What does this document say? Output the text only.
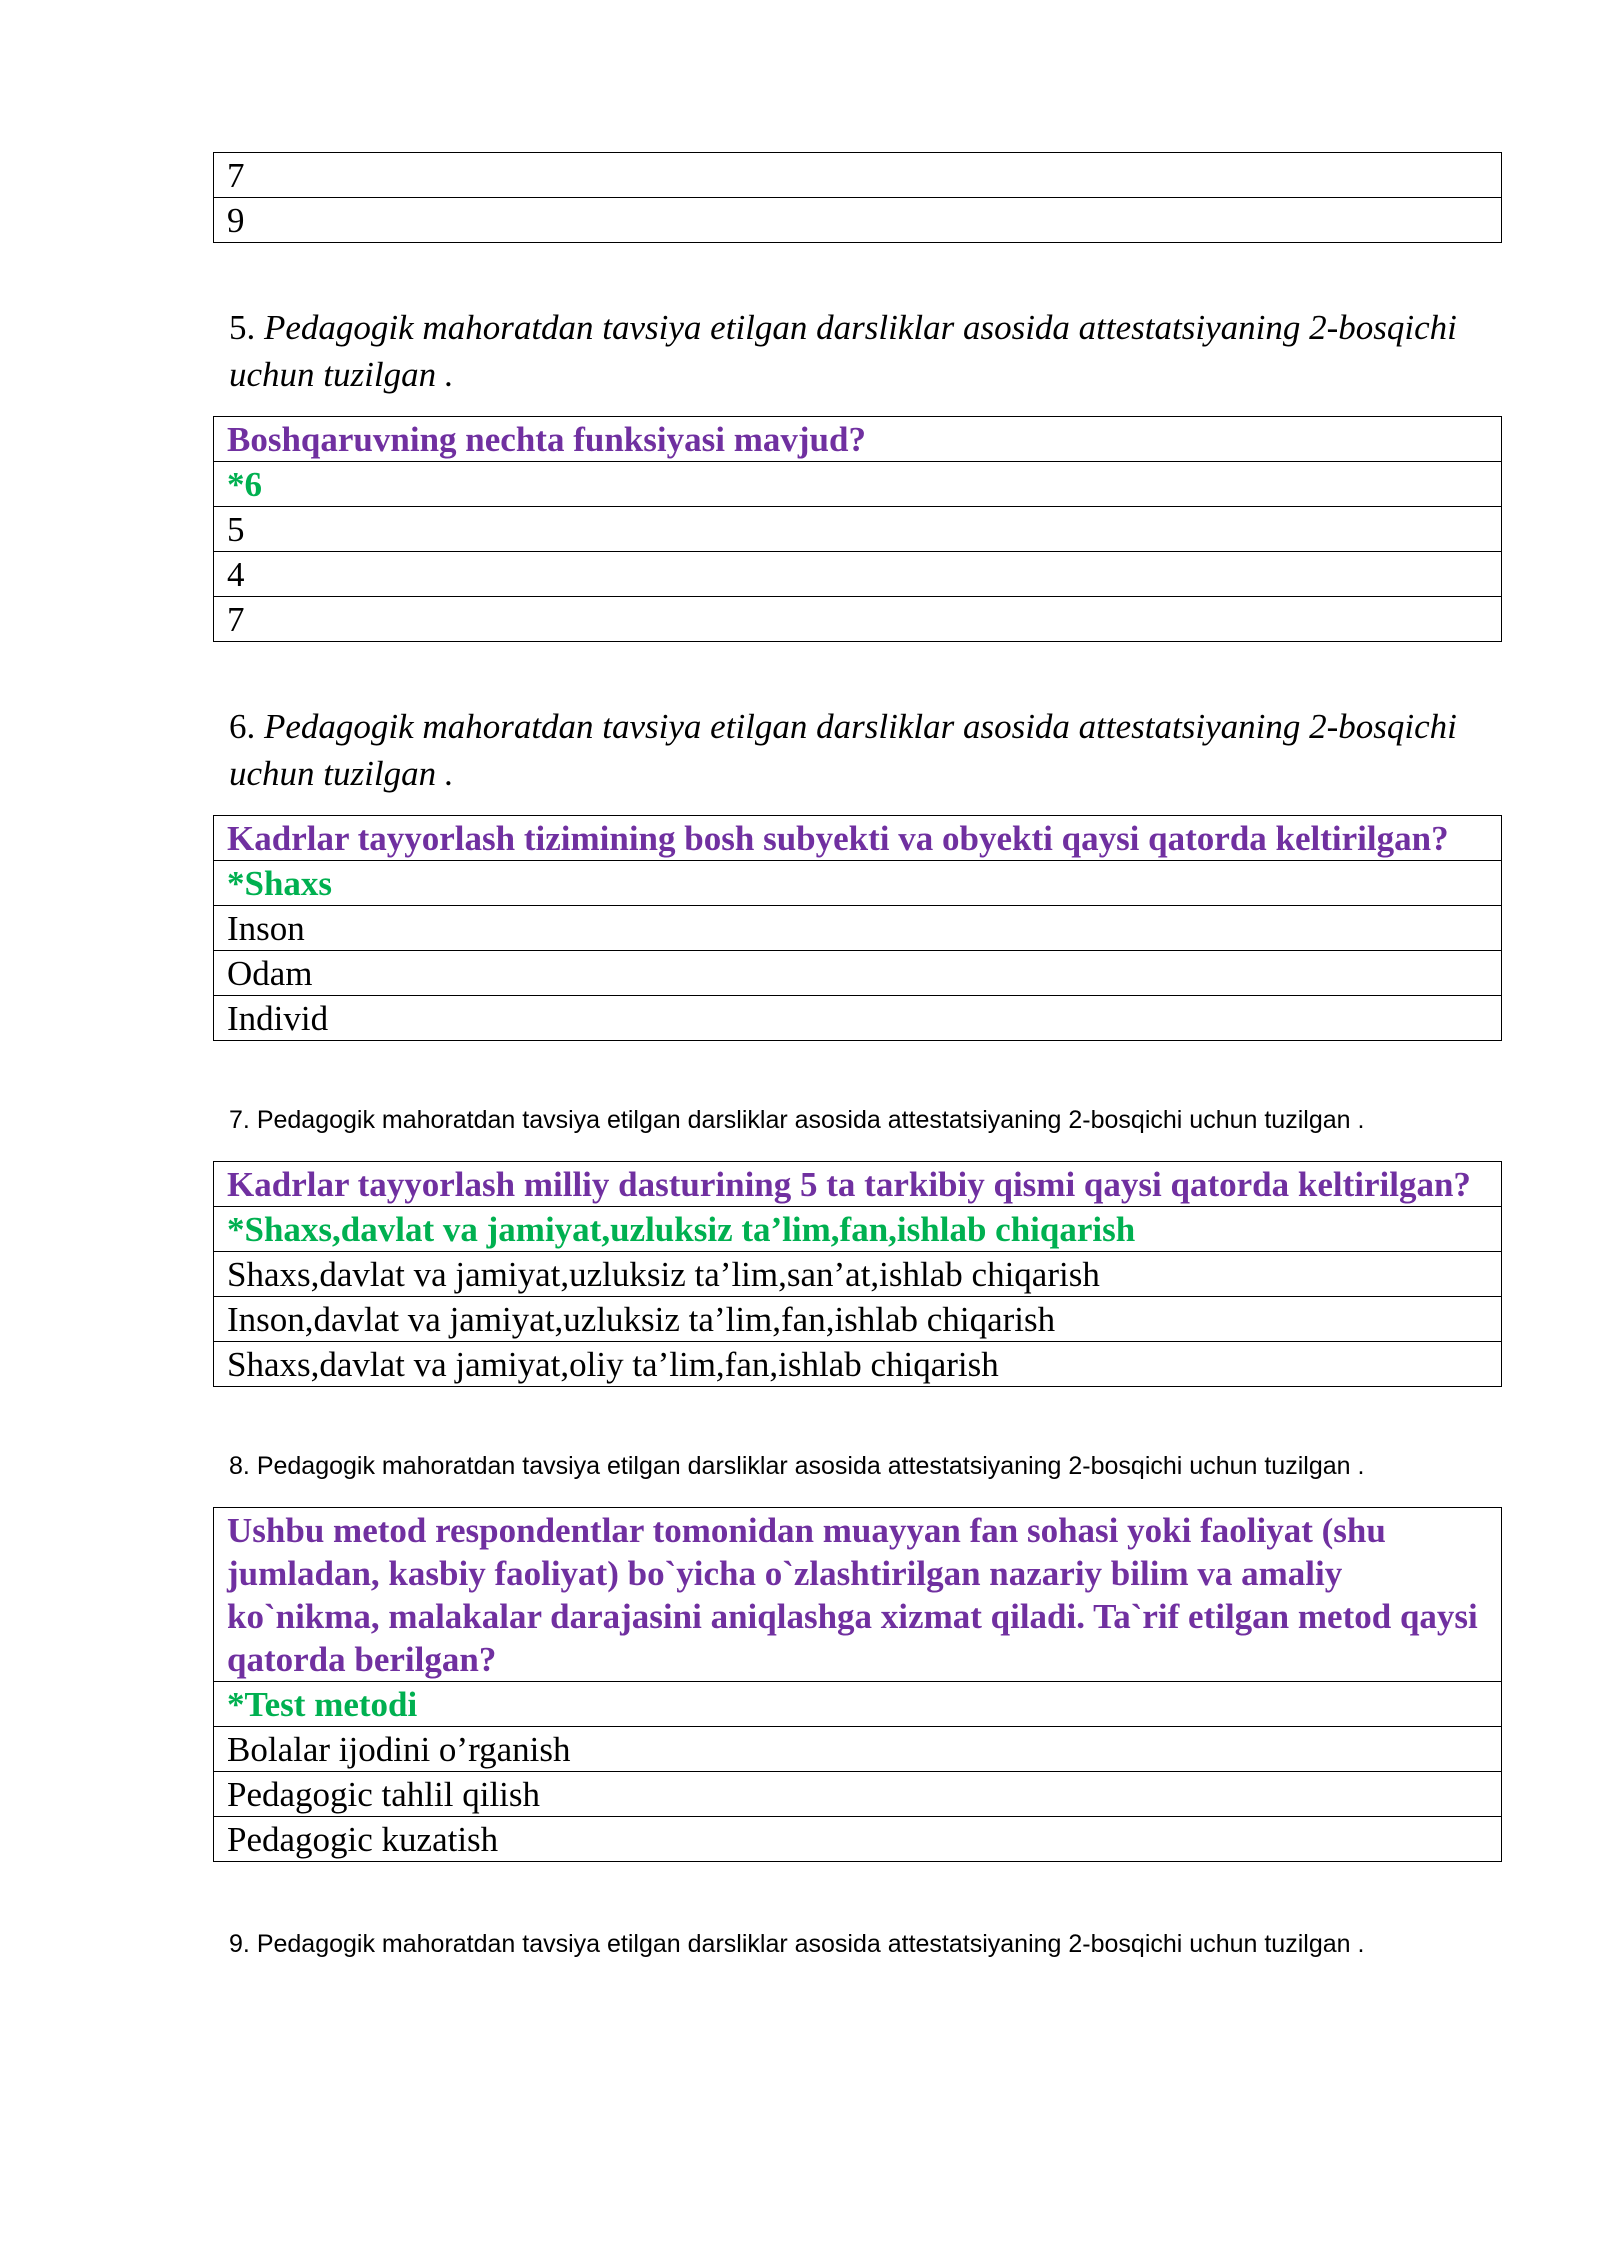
7
9

5. Pedagogik mahoratdan tavsiya etilgan darsliklar asosida attestatsiyaning 2-bosqichi uchun tuzilgan .

Boshqaruvning nechta funksiyasi mavjud?
*6
5
4
7

6. Pedagogik mahoratdan tavsiya etilgan darsliklar asosida attestatsiyaning 2-bosqichi uchun tuzilgan .

Kadrlar tayyorlash tizimining bosh subyekti va obyekti qaysi qatorda keltirilgan?
*Shaxs
Inson
Odam
Individ

7. Pedagogik mahoratdan tavsiya etilgan darsliklar asosida attestatsiyaning 2-bosqichi uchun tuzilgan .

Kadrlar tayyorlash milliy dasturining 5 ta tarkibiy qismi qaysi qatorda keltirilgan?
*Shaxs,davlat va jamiyat,uzluksiz ta’lim,fan,ishlab chiqarish
Shaxs,davlat va jamiyat,uzluksiz ta’lim,san’at,ishlab chiqarish
Inson,davlat va jamiyat,uzluksiz ta’lim,fan,ishlab chiqarish
Shaxs,davlat va jamiyat,oliy ta’lim,fan,ishlab chiqarish

8. Pedagogik mahoratdan tavsiya etilgan darsliklar asosida attestatsiyaning 2-bosqichi uchun tuzilgan .

Ushbu metod respondentlar tomonidan muayyan fan sohasi yoki faoliyat (shu jumladan, kasbiy faoliyat) bo`yicha o`zlashtirilgan nazariy bilim va amaliy ko`nikma, malakalar darajasini aniqlashga xizmat qiladi. Ta`rif etilgan metod qaysi qatorda berilgan?
*Test metodi
Bolalar ijodini o’rganish
Pedagogic tahlil qilish
Pedagogic kuzatish

9. Pedagogik mahoratdan tavsiya etilgan darsliklar asosida attestatsiyaning 2-bosqichi uchun tuzilgan .
